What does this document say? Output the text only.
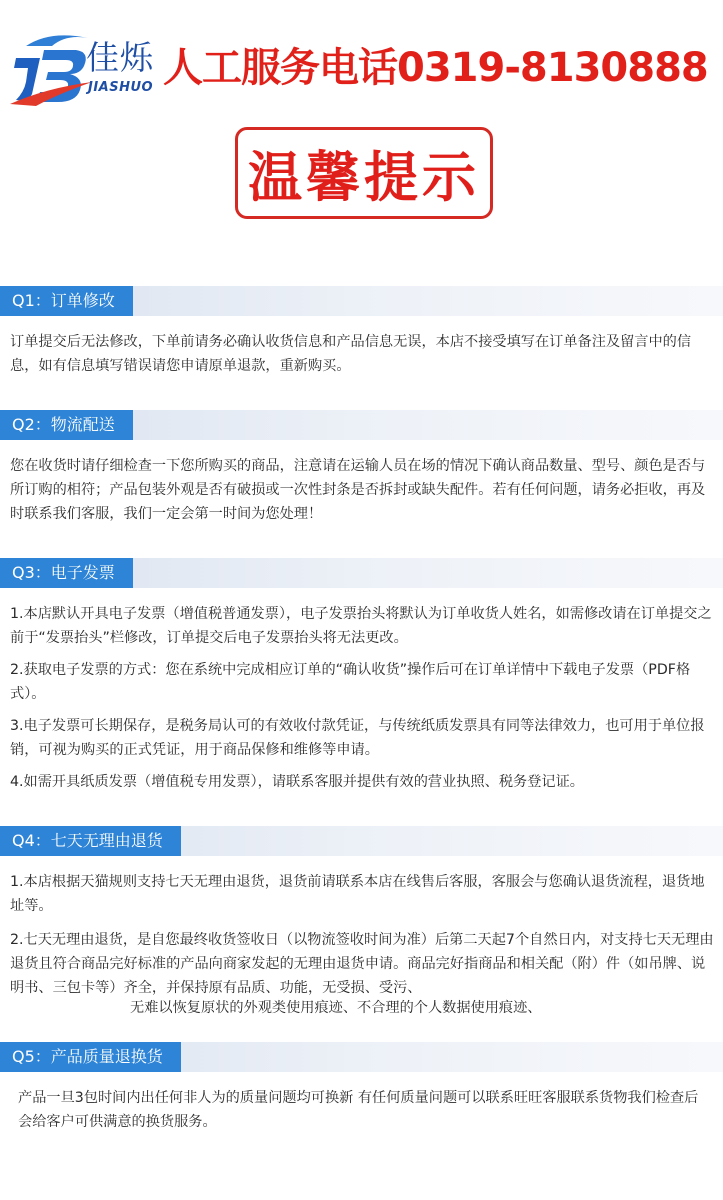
佳烁
JIASHUO 人工服务电话0319-8130888
温馨提示
Q1：订单修改

订单提交后无法修改，下单前请务必确认收货信息和产品信息无误，本店不接受填写在订单备注及留言中的信息，如有信息填写错误请您申请原单退款，重新购买。

Q2：物流配送

您在收货时请仔细检查一下您所购买的商品，注意请在运输人员在场的情况下确认商品数量、型号、颜色是否与所订购的相符；产品包装外观是否有破损或一次性封条是否拆封或缺失配件。若有任何问题，请务必拒收，再及时联系我们客服，我们一定会第一时间为您处理！

Q3：电子发票

1.本店默认开具电子发票（增值税普通发票），电子发票抬头将默认为订单收货人姓名，如需修改请在订单提交之前于“发票抬头”栏修改，订单提交后电子发票抬头将无法更改。

2.获取电子发票的方式：您在系统中完成相应订单的“确认收货”操作后可在订单详情中下载电子发票（PDF格式）。

3.电子发票可长期保存，是税务局认可的有效收付款凭证，与传统纸质发票具有同等法律效力，也可用于单位报销，可视为购买的正式凭证，用于商品保修和维修等申请。

4.如需开具纸质发票（增值税专用发票），请联系客服并提供有效的营业执照、税务登记证。

Q4：七天无理由退货

1.本店根据天猫规则支持七天无理由退货，退货前请联系本店在线售后客服，客服会与您确认退货流程，退货地址等。

2.七天无理由退货，是自您最终收货签收日（以物流签收时间为准）后第二天起7个自然日内，对支持七天无理由退货且符合商品完好标准的产品向商家发起的无理由退货申请。商品完好指商品和相关配（附）件（如吊牌、说明书、三包卡等）齐全，并保持原有品质、功能，无受损、受污、

无难以恢复原状的外观类使用痕迹、不合理的个人数据使用痕迹、

Q5：产品质量退换货

产品一旦3包时间内出任何非人为的质量问题均可换新 有任何质量问题可以联系旺旺客服联系货物我们检查后会给客户可供满意的换货服务。
